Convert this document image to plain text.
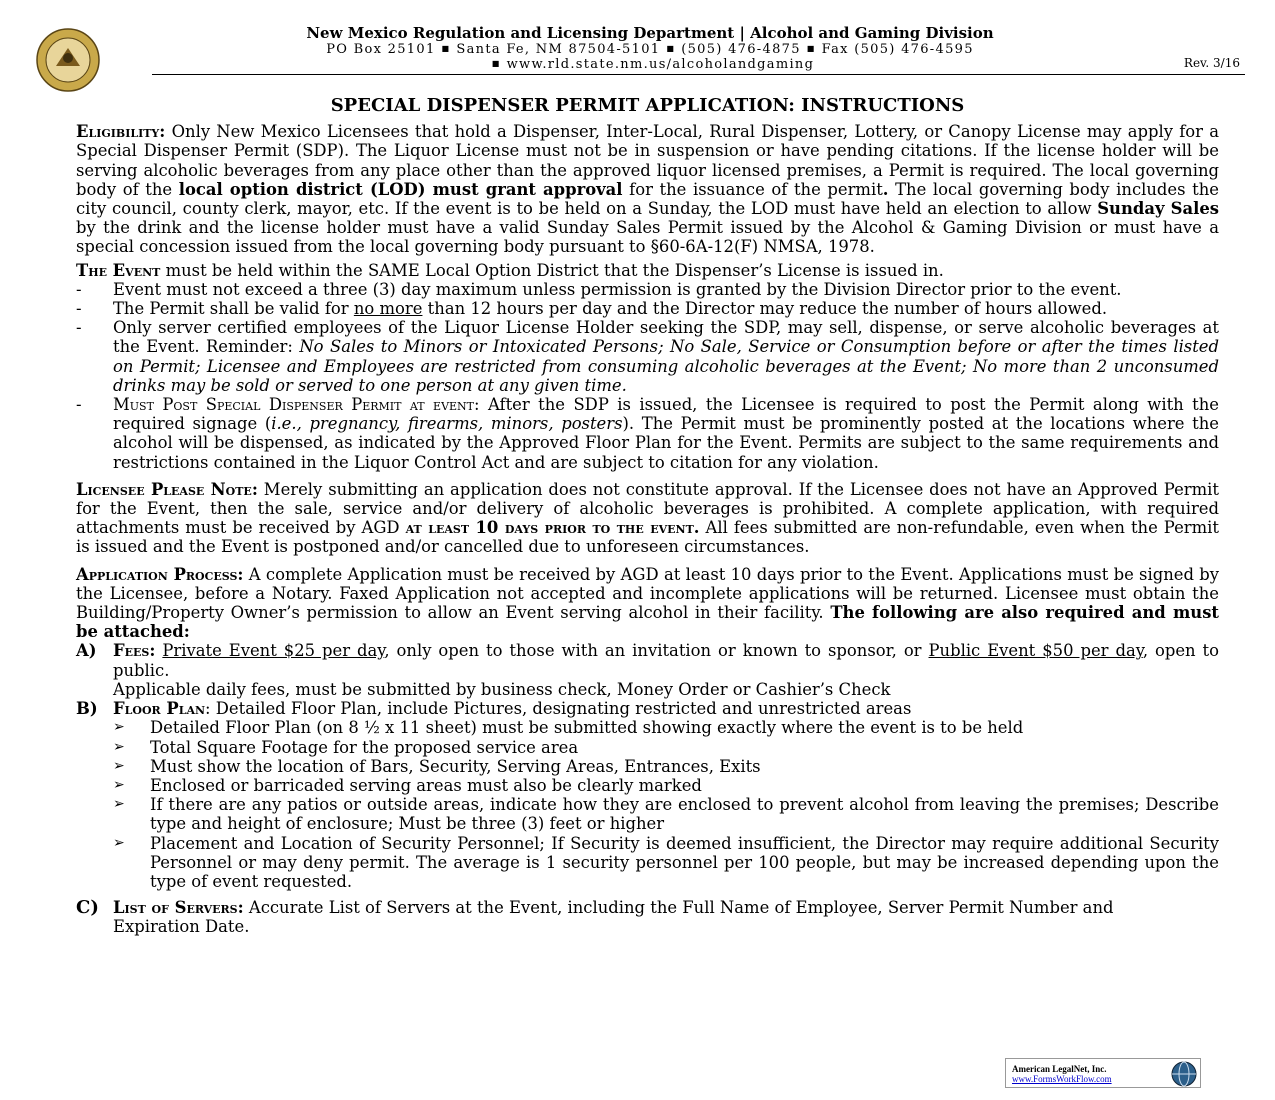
New Mexico Regulation and Licensing Department | Alcohol and Gaming Division
PO Box 25101 ■ Santa Fe, NM 87504-5101 ■ (505) 476-4875 ■ Fax (505) 476-4595
■ www.rld.state.nm.us/alcoholandgaming	Rev. 3/16
SPECIAL DISPENSER PERMIT APPLICATION: INSTRUCTIONS

Eligibility: Only New Mexico Licensees that hold a Dispenser, Inter-Local, Rural Dispenser, Lottery, or Canopy License may apply for a Special Dispenser Permit (SDP). The Liquor License must not be in suspension or have pending citations. If the license holder will be serving alcoholic beverages from any place other than the approved liquor licensed premises, a Permit is required. The local governing body of the local option district (LOD) must grant approval for the issuance of the permit. The local governing body includes the city council, county clerk, mayor, etc. If the event is to be held on a Sunday, the LOD must have held an election to allow Sunday Sales by the drink and the license holder must have a valid Sunday Sales Permit issued by the Alcohol & Gaming Division or must have a special concession issued from the local governing body pursuant to §60-6A-12(F) NMSA, 1978.

The Event must be held within the SAME Local Option District that the Dispenser’s License is issued in.
-	Event must not exceed a three (3) day maximum unless permission is granted by the Division Director prior to the event.
-	The Permit shall be valid for no more than 12 hours per day and the Director may reduce the number of hours allowed.
-	Only server certified employees of the Liquor License Holder seeking the SDP, may sell, dispense, or serve alcoholic beverages at the Event. Reminder: No Sales to Minors or Intoxicated Persons; No Sale, Service or Consumption before or after the times listed on Permit; Licensee and Employees are restricted from consuming alcoholic beverages at the Event; No more than 2 unconsumed drinks may be sold or served to one person at any given time.
-	Must Post Special Dispenser Permit at event: After the SDP is issued, the Licensee is required to post the Permit along with the required signage (i.e., pregnancy, firearms, minors, posters). The Permit must be prominently posted at the locations where the alcohol will be dispensed, as indicated by the Approved Floor Plan for the Event. Permits are subject to the same requirements and restrictions contained in the Liquor Control Act and are subject to citation for any violation.

Licensee Please Note: Merely submitting an application does not constitute approval. If the Licensee does not have an Approved Permit for the Event, then the sale, service and/or delivery of alcoholic beverages is prohibited. A complete application, with required attachments must be received by AGD at least 10 days prior to the event. All fees submitted are non-refundable, even when the Permit is issued and the Event is postponed and/or cancelled due to unforeseen circumstances.

Application Process: A complete Application must be received by AGD at least 10 days prior to the Event. Applications must be signed by the Licensee, before a Notary. Faxed Application not accepted and incomplete applications will be returned. Licensee must obtain the Building/Property Owner’s permission to allow an Event serving alcohol in their facility. The following are also required and must be attached:

A)	Fees: Private Event $25 per day, only open to those with an invitation or known to sponsor, or Public Event $50 per day, open to public.
Applicable daily fees, must be submitted by business check, Money Order or Cashier’s Check
B) Floor Plan: Detailed Floor Plan, include Pictures, designating restricted and unrestricted areas
➢	Detailed Floor Plan (on 8 ½ x 11 sheet) must be submitted showing exactly where the event is to be held
➢	Total Square Footage for the proposed service area
➢	Must show the location of Bars, Security, Serving Areas, Entrances, Exits
➢	Enclosed or barricaded serving areas must also be clearly marked
➢	If there are any patios or outside areas, indicate how they are enclosed to prevent alcohol from leaving the premises; Describe type and height of enclosure; Must be three (3) feet or higher
➢	Placement and Location of Security Personnel; If Security is deemed insufficient, the Director may require additional Security Personnel or may deny permit. The average is 1 security personnel per 100 people, but may be increased depending upon the type of event requested.
C) List of Servers: Accurate List of Servers at the Event, including the Full Name of Employee, Server Permit Number and Expiration Date.
American LegalNet, Inc.
www.FormsWorkFlow.com
